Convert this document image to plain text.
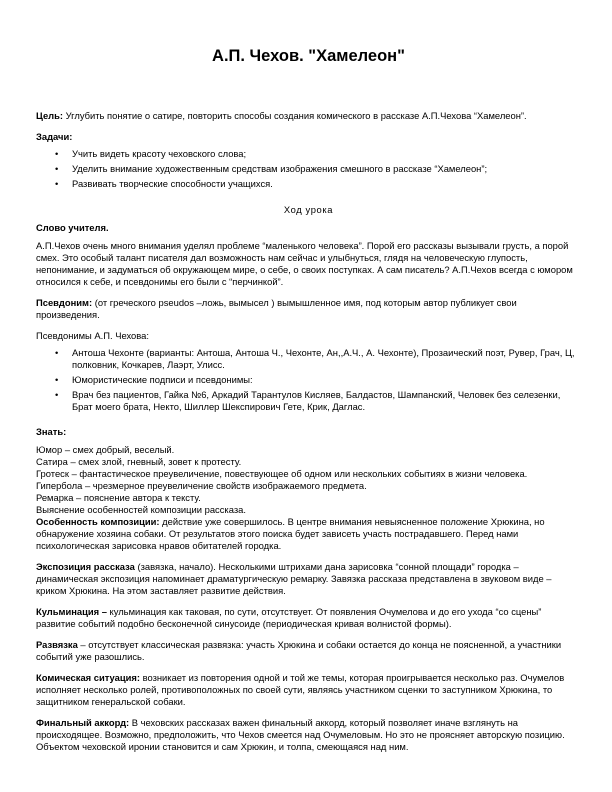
А.П. Чехов. "Хамелеон"

Цель: Углубить понятие о сатире, повторить способы создания комического в рассказе А.П.Чехова “Хамелеон”.

Задачи:

• Учить видеть красоту чеховского слова;
• Уделить внимание художественным средствам изображения смешного в рассказе “Хамелеон”;
• Развивать творческие способности учащихся.

Ход урока

Слово учителя.

А.П.Чехов очень много внимания уделял проблеме “маленького человека”. Порой его рассказы вызывали грусть, а порой смех. Это особый талант писателя дал возможность нам сейчас и улыбнуться, глядя на человеческую глупость, непонимание, и задуматься об окружающем мире, о себе, о своих поступках. А сам писатель? А.П.Чехов всегда с юмором относился к себе, и псевдонимы его были с “перчинкой”.

Псевдоним: (от греческого pseudos –ложь, вымысел ) вымышленное имя, под которым автор публикует свои произведения.

Псевдонимы А.П. Чехова:

• Антоша Чехонте (варианты: Антоша, Антоша Ч., Чехонте, Ан,,А.Ч., А. Чехонте), Прозаический поэт, Рувер, Грач, Ц, полковник, Кочкарев, Лаэрт, Улисс.
• Юмористические подписи и псевдонимы:
• Врач без пациентов, Гайка №6, Аркадий Тарантулов Кисляев, Балдастов, Шампанский, Человек без селезенки, Брат моего брата, Некто, Шиллер Шекспирович Гете, Крик, Даглас.

Знать:

Юмор – смех добрый, веселый.

Сатира – смех злой, гневный, зовет к протесту.

Гротеск – фантастическое преувеличение, повествующее об одном или нескольких событиях в жизни человека.

Гипербола – чрезмерное преувеличение свойств изображаемого предмета.

Ремарка – пояснение автора к тексту.

Выяснение особенностей композиции рассказа.

Особенность композиции: действие уже совершилось. В центре внимания невыясненное положение Хрюкина, но обнаружение хозяина собаки. От результатов этого поиска будет зависеть участь пострадавшего. Перед нами психологическая зарисовка нравов обитателей городка.

Экспозиция рассказа (завязка, начало). Несколькими штрихами дана зарисовка “сонной площади” городка – динамическая экспозиция напоминает драматургическую ремарку. Завязка рассказа представлена в звуковом виде – криком Хрюкина. На этом заставляет развитие действия.

Кульминация – кульминация как таковая, по сути, отсутствует. От появления Очумелова и до его ухода “со сцены” развитие событий подобно бесконечной синусоиде (периодическая кривая волнистой формы).

Развязка – отсутствует классическая развязка: участь Хрюкина и собаки остается до конца не поясненной, а участники событий уже разошлись.

Комическая ситуация: возникает из повторения одной и той же темы, которая проигрывается несколько раз. Очумелов исполняет несколько ролей, противоположных по своей сути, являясь участником сценки то заступником Хрюкина, то защитником генеральской собаки.

Финальный аккорд: В чеховских рассказах важен финальный аккорд, который позволяет иначе взглянуть на происходящее. Возможно, предположить, что Чехов смеется над Очумеловым. Но это не проясняет авторскую позицию. Объектом чеховской иронии становится и сам Хрюкин, и толпа, смеющаяся над ним.
